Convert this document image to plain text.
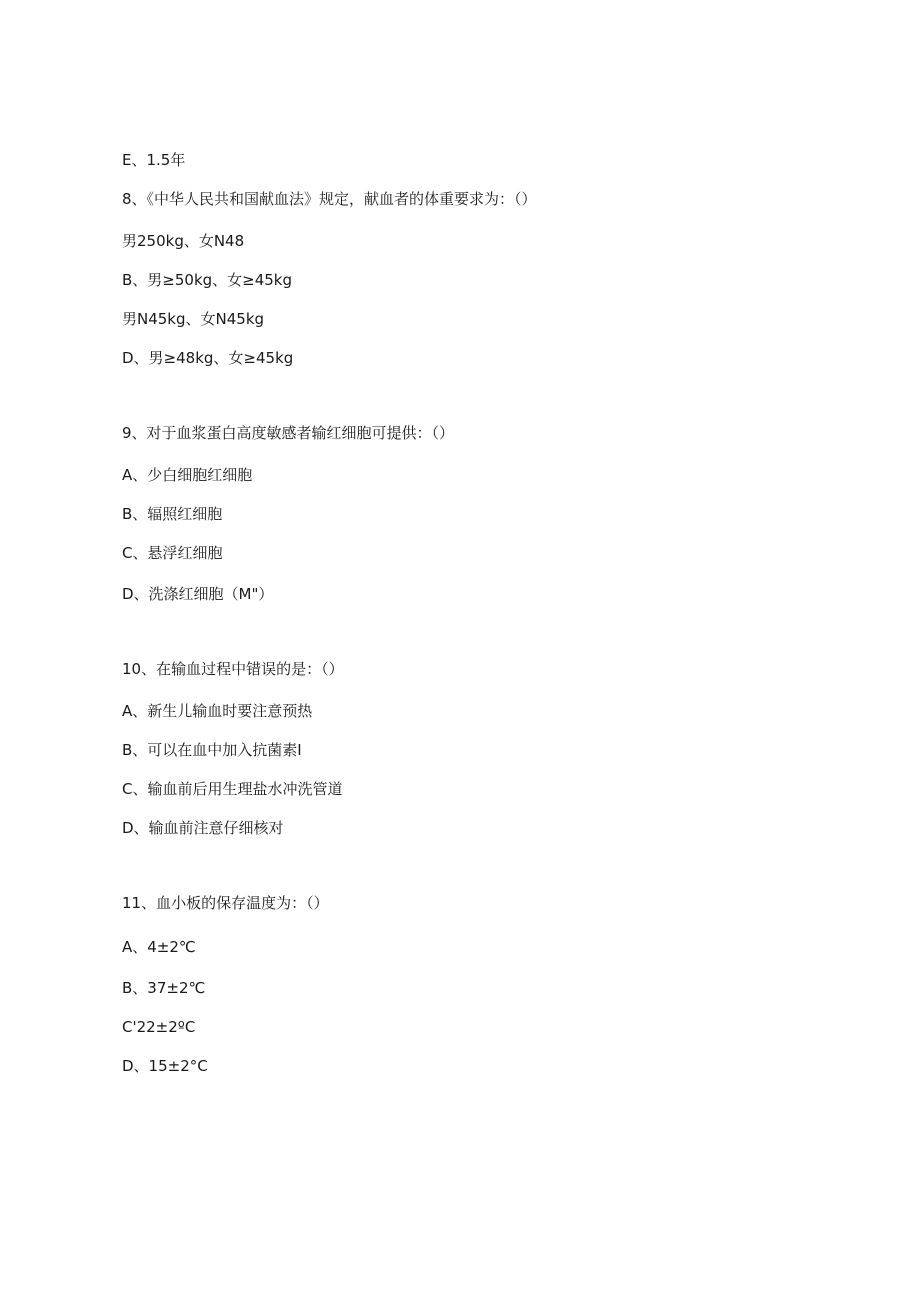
E、1.5年

8、《中华人民共和国献血法》规定，献血者的体重要求为：（）

男250kg、女N48

B、男≥50kg、女≥45kg

男N45kg、女N45kg

D、男≥48kg、女≥45kg

9、对于血浆蛋白高度敏感者输红细胞可提供：（）

A、少白细胞红细胞

B、辐照红细胞

C、悬浮红细胞

D、洗涤红细胞（M"）

10、在输血过程中错误的是：（）

A、新生儿输血时要注意预热

B、可以在血中加入抗菌素I

C、输血前后用生理盐水冲洗管道

D、输血前注意仔细核对

11、血小板的保存温度为：（）

A、4±2℃

B、37±2℃

C'22±2ºC

D、15±2°C
